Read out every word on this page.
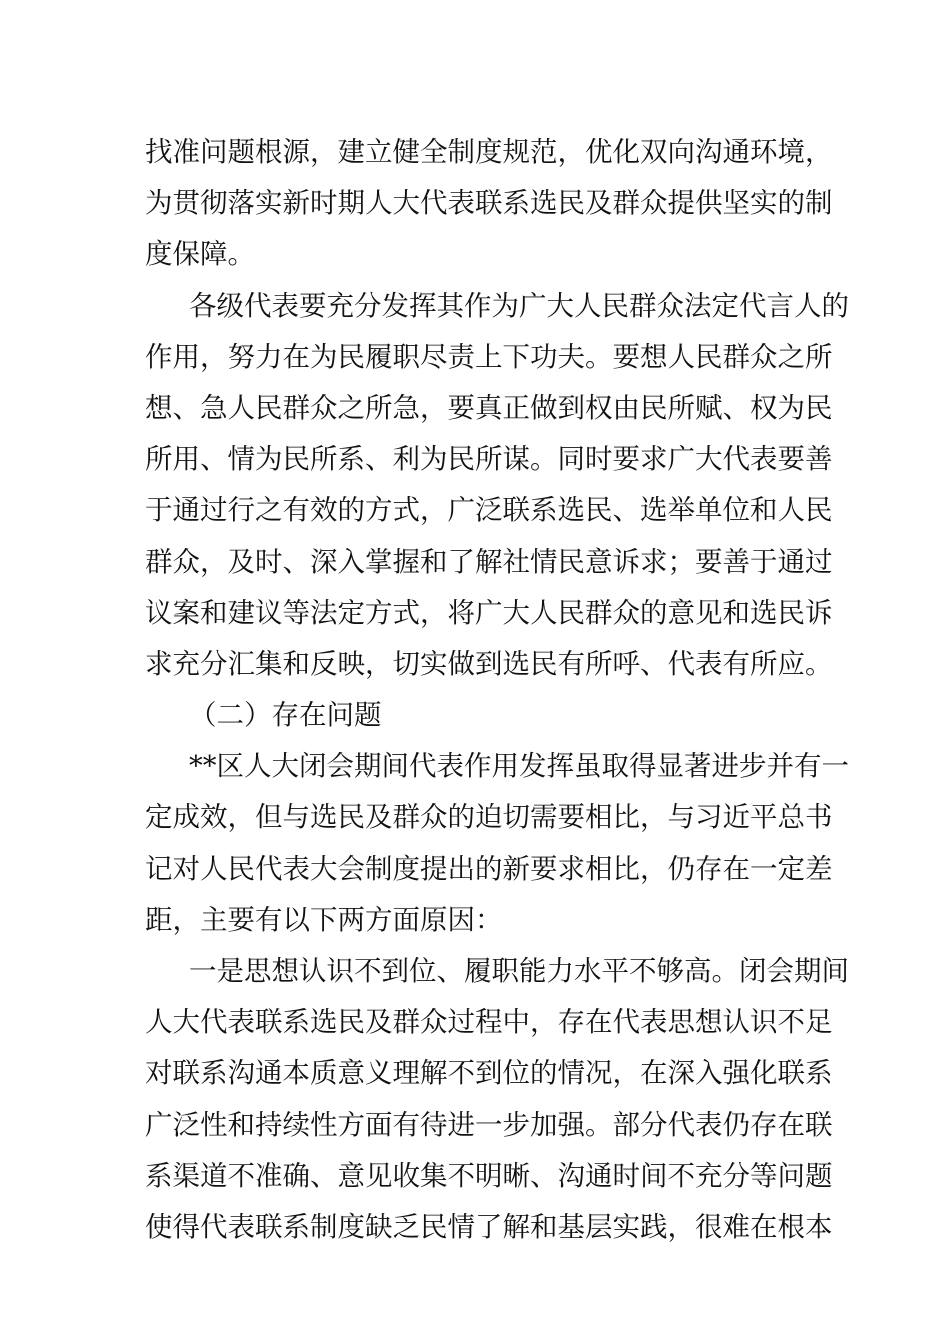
找准问题根源，建立健全制度规范，优化双向沟通环境，
为贯彻落实新时期人大代表联系选民及群众提供坚实的制
度保障。
各级代表要充分发挥其作为广大人民群众法定代言人的
作用，努力在为民履职尽责上下功夫。要想人民群众之所
想、急人民群众之所急，要真正做到权由民所赋、权为民
所用、情为民所系、利为民所谋。同时要求广大代表要善
于通过行之有效的方式，广泛联系选民、选举单位和人民
群众，及时、深入掌握和了解社情民意诉求；要善于通过
议案和建议等法定方式，将广大人民群众的意见和选民诉
求充分汇集和反映，切实做到选民有所呼、代表有所应。
（二）存在问题
**区人大闭会期间代表作用发挥虽取得显著进步并有一
定成效，但与选民及群众的迫切需要相比，与习近平总书
记对人民代表大会制度提出的新要求相比，仍存在一定差
距，主要有以下两方面原因：
一是思想认识不到位、履职能力水平不够高。闭会期间
人大代表联系选民及群众过程中，存在代表思想认识不足
对联系沟通本质意义理解不到位的情况，在深入强化联系
广泛性和持续性方面有待进一步加强。部分代表仍存在联
系渠道不准确、意见收集不明晰、沟通时间不充分等问题
使得代表联系制度缺乏民情了解和基层实践，很难在根本
